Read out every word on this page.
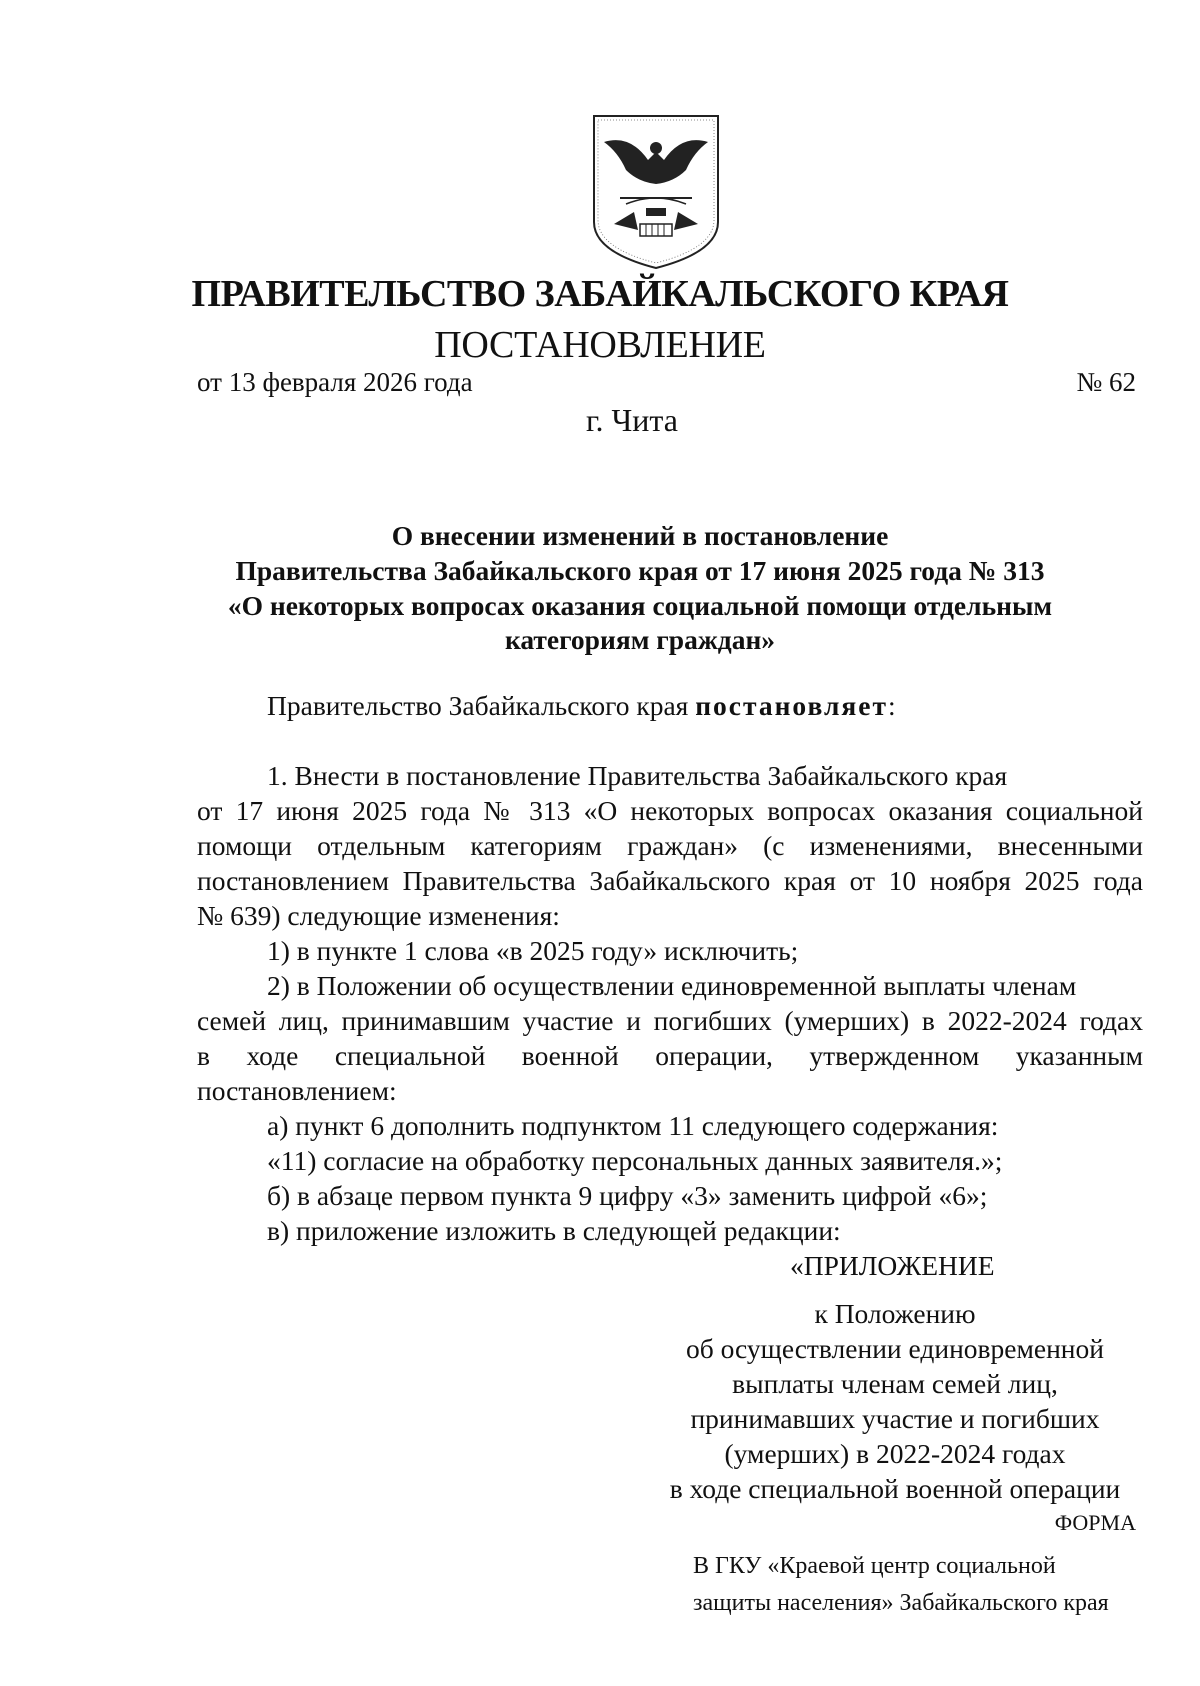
ПРАВИТЕЛЬСТВО ЗАБАЙКАЛЬСКОГО КРАЯ
ПОСТАНОВЛЕНИЕ
от 13 февраля 2026 года	№ 62
г. Чита
О внесении изменений в постановление
Правительства Забайкальского края от 17 июня 2025 года № 313
«О некоторых вопросах оказания социальной помощи отдельным
категориям граждан»
Правительство Забайкальского края постановляет:
1. Внести в постановление Правительства Забайкальского края
от 17 июня 2025 года № 313 «О некоторых вопросах оказания социальной
помощи отдельным категориям граждан» (с изменениями, внесенными
постановлением Правительства Забайкальского края от 10 ноября 2025 года
№ 639) следующие изменения:
1) в пункте 1 слова «в 2025 году» исключить;
2) в Положении об осуществлении единовременной выплаты членам
семей лиц, принимавшим участие и погибших (умерших) в 2022-2024 годах
в ходе специальной военной операции, утвержденном указанным
постановлением:
а) пункт 6 дополнить подпунктом 11 следующего содержания:
«11) согласие на обработку персональных данных заявителя.»;
б) в абзаце первом пункта 9 цифру «3» заменить цифрой «6»;
в) приложение изложить в следующей редакции:
«ПРИЛОЖЕНИЕ
к Положению
об осуществлении единовременной
выплаты членам семей лиц,
принимавших участие и погибших
(умерших) в 2022-2024 годах
в ходе специальной военной операции
ФОРМА
В ГКУ «Краевой центр социальной
защиты населения» Забайкальского края
